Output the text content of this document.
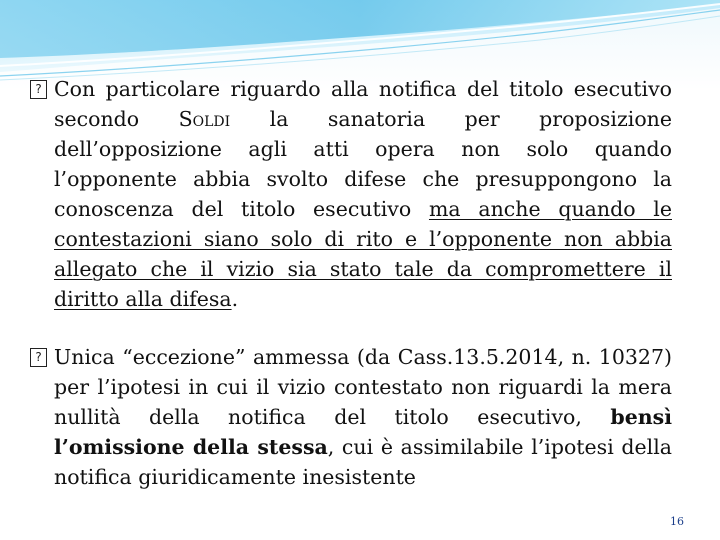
? Con particolare riguardo alla notifica del titolo esecutivo secondo Soldi la sanatoria per proposizione dell’opposizione agli atti opera non solo quando l’opponente abbia svolto difese che presuppongono la conoscenza del titolo esecutivo ma anche quando le contestazioni siano solo di rito e l’opponente non abbia allegato che il vizio sia stato tale da compromettere il diritto alla difesa.

? Unica “eccezione” ammessa (da Cass.13.5.2014, n. 10327) per l’ipotesi in cui il vizio contestato non riguardi la mera nullità della notifica del titolo esecutivo, bensì l’omissione della stessa, cui è assimilabile l’ipotesi della notifica giuridicamente inesistente

16
